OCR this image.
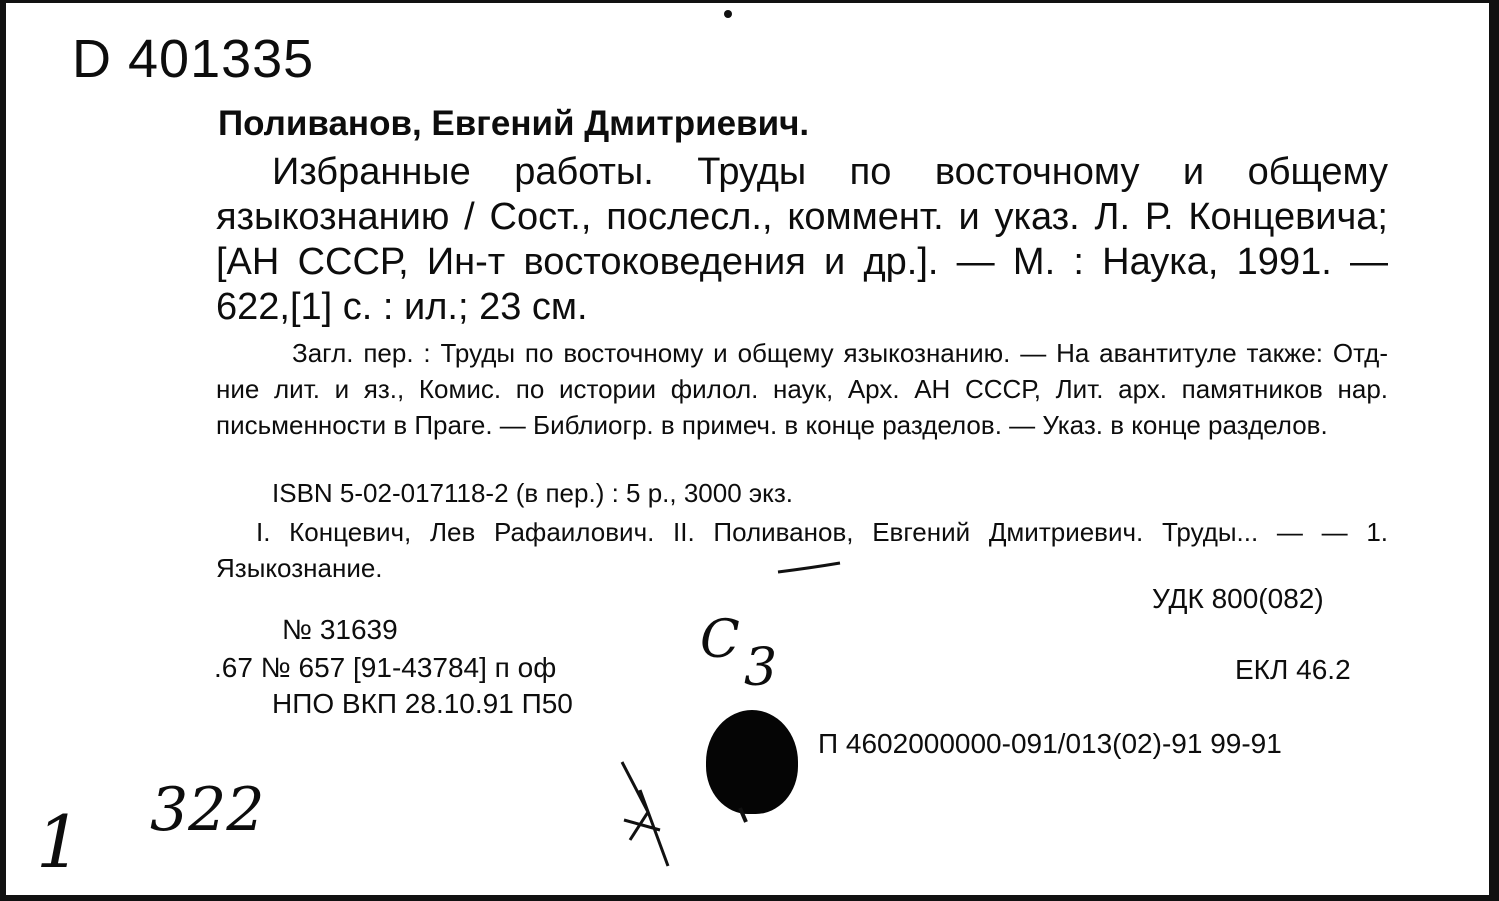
D 401335
Поливанов, Евгений Дмитриевич.
Избранные работы. Труды по восточному и общему языкознанию / Сост., послесл., коммент. и указ. Л. Р. Концевича; [АН СССР, Ин-т востоковедения и др.]. — М. : Наука, 1991. — 622,[1] с. : ил.; 23 см.
Загл. пер. : Труды по восточному и общему языкознанию. — На авантитуле также: Отд-ние лит. и яз., Комис. по истории филол. наук, Арх. АН СССР, Лит. арх. памятников нар. письменности в Праге. — Библиогр. в примеч. в конце разделов. — Указ. в конце разделов.
ISBN 5-02-017118-2 (в пер.) : 5 р., 3000 экз.
I. Концевич, Лев Рафаилович. II. Поливанов, Евгений Дмитриевич. Труды... — — 1. Языкознание.
УДК 800(082)
№ 31639
.67 № 657 [91-43784] п оф
НПО ВКП 28.10.91 П50
ЕКЛ 46.2
П 4602000000-091/013(02)-91 99-91
С 3
322
1
